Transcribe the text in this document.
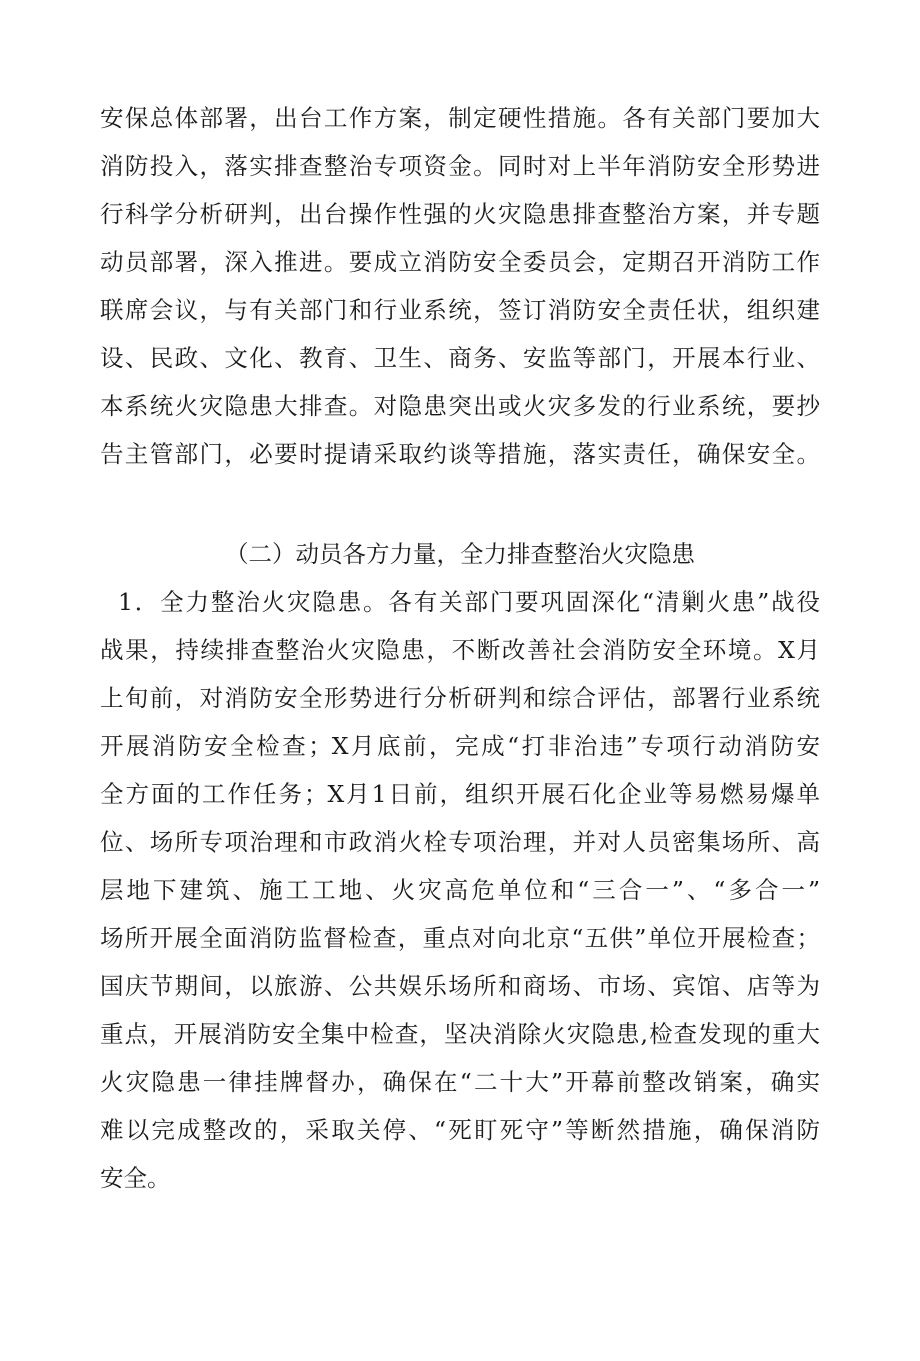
安保总体部署，出台工作方案，制定硬性措施。各有关部门要加大
消防投入，落实排查整治专项资金。同时对上半年消防安全形势进
行科学分析研判，出台操作性强的火灾隐患排查整治方案，并专题
动员部署，深入推进。要成立消防安全委员会，定期召开消防工作
联席会议，与有关部门和行业系统，签订消防安全责任状，组织建
设、民政、文化、教育、卫生、商务、安监等部门，开展本行业、
本系统火灾隐患大排查。对隐患突出或火灾多发的行业系统，要抄
告主管部门，必要时提请采取约谈等措施，落实责任，确保安全。
（二）动员各方力量，全力排查整治火灾隐患
1．全力整治火灾隐患。各有关部门要巩固深化“清剿火患”战役
战果，持续排查整治火灾隐患，不断改善社会消防安全环境。X月
上旬前，对消防安全形势进行分析研判和综合评估，部署行业系统
开展消防安全检查；X月底前，完成“打非治违”专项行动消防安
全方面的工作任务；X月1日前，组织开展石化企业等易燃易爆单
位、场所专项治理和市政消火栓专项治理，并对人员密集场所、高
层地下建筑、施工工地、火灾高危单位和“三合一”、“多合一”
场所开展全面消防监督检查，重点对向北京“五供”单位开展检查；
国庆节期间，以旅游、公共娱乐场所和商场、市场、宾馆、店等为
重点，开展消防安全集中检查，坚决消除火灾隐患,检查发现的重大
火灾隐患一律挂牌督办，确保在“二十大”开幕前整改销案，确实
难以完成整改的，采取关停、“死盯死守”等断然措施，确保消防
安全。
